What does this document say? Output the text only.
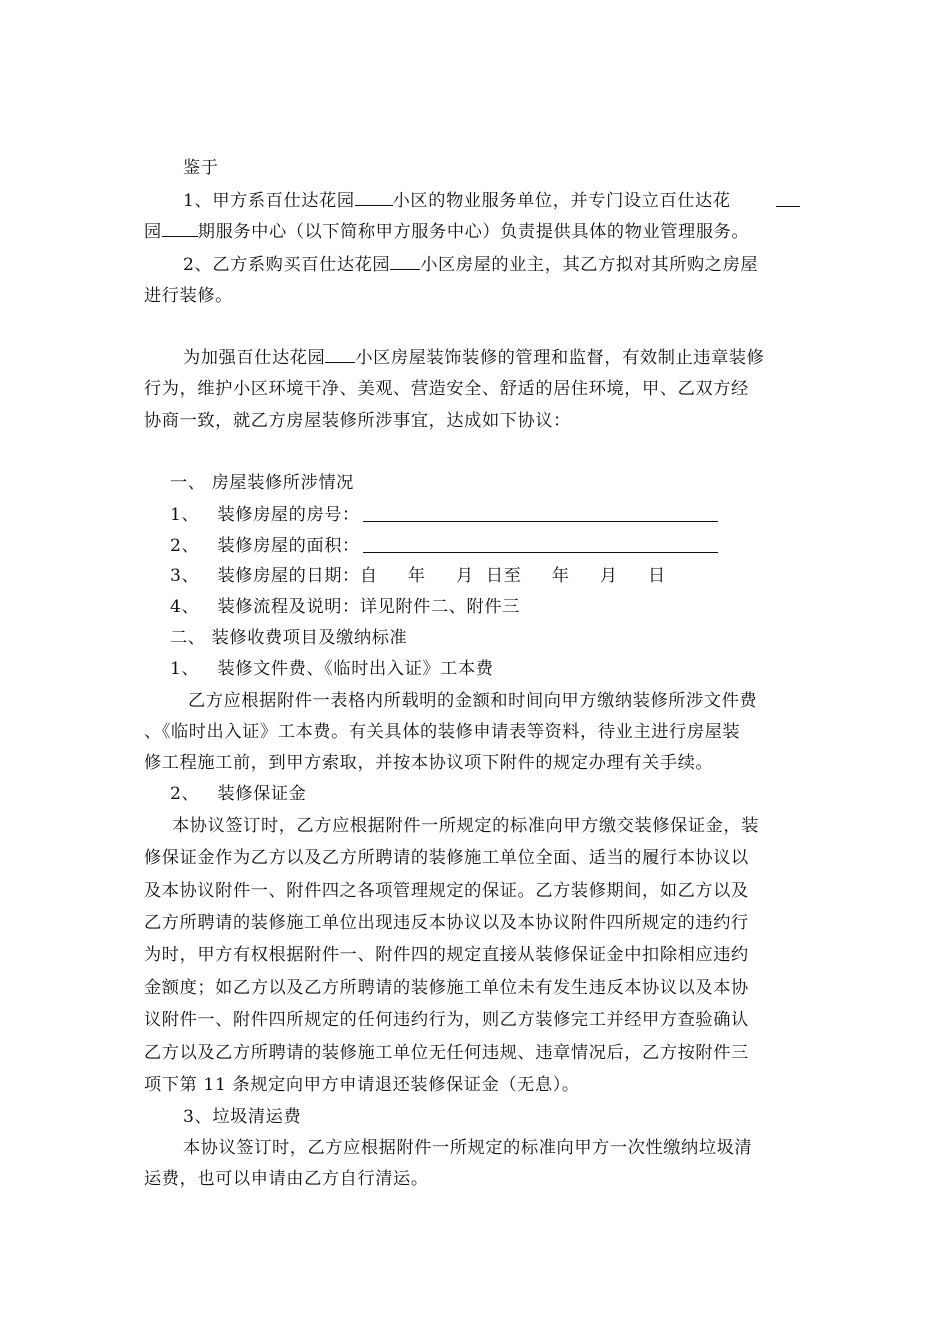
鉴于
1、甲方系百仕达花园 小区的物业服务单位，并专门设立百仕达花
园 期服务中心（以下简称甲方服务中心）负责提供具体的物业管理服务。
2、乙方系购买百仕达花园 小区房屋的业主，其乙方拟对其所购之房屋
进行装修。
为加强百仕达花园 小区房屋装饰装修的管理和监督，有效制止违章装修
行为，维护小区环境干净、美观、营造安全、舒适的居住环境，甲、乙双方经
协商一致，就乙方房屋装修所涉事宜，达成如下协议：
一、 房屋装修所涉情况
1、   装修房屋的房号：
2、   装修房屋的面积：
3、   装修房屋的日期：自     年     月  日至     年     月     日
4、   装修流程及说明：详见附件二、附件三
二、 装修收费项目及缴纳标准
1、   装修文件费、《临时出入证》工本费
乙方应根据附件一表格内所载明的金额和时间向甲方缴纳装修所涉文件费
、《临时出入证》工本费。有关具体的装修申请表等资料，待业主进行房屋装
修工程施工前，到甲方索取，并按本协议项下附件的规定办理有关手续。
2、   装修保证金
本协议签订时，乙方应根据附件一所规定的标准向甲方缴交装修保证金，装
修保证金作为乙方以及乙方所聘请的装修施工单位全面、适当的履行本协议以
及本协议附件一、附件四之各项管理规定的保证。乙方装修期间，如乙方以及
乙方所聘请的装修施工单位出现违反本协议以及本协议附件四所规定的违约行
为时，甲方有权根据附件一、附件四的规定直接从装修保证金中扣除相应违约
金额度；如乙方以及乙方所聘请的装修施工单位未有发生违反本协议以及本协
议附件一、附件四所规定的任何违约行为，则乙方装修完工并经甲方查验确认
乙方以及乙方所聘请的装修施工单位无任何违规、违章情况后，乙方按附件三
项下第 11 条规定向甲方申请退还装修保证金（无息）。
3、垃圾清运费
本协议签订时，乙方应根据附件一所规定的标准向甲方一次性缴纳垃圾清
运费，也可以申请由乙方自行清运。
